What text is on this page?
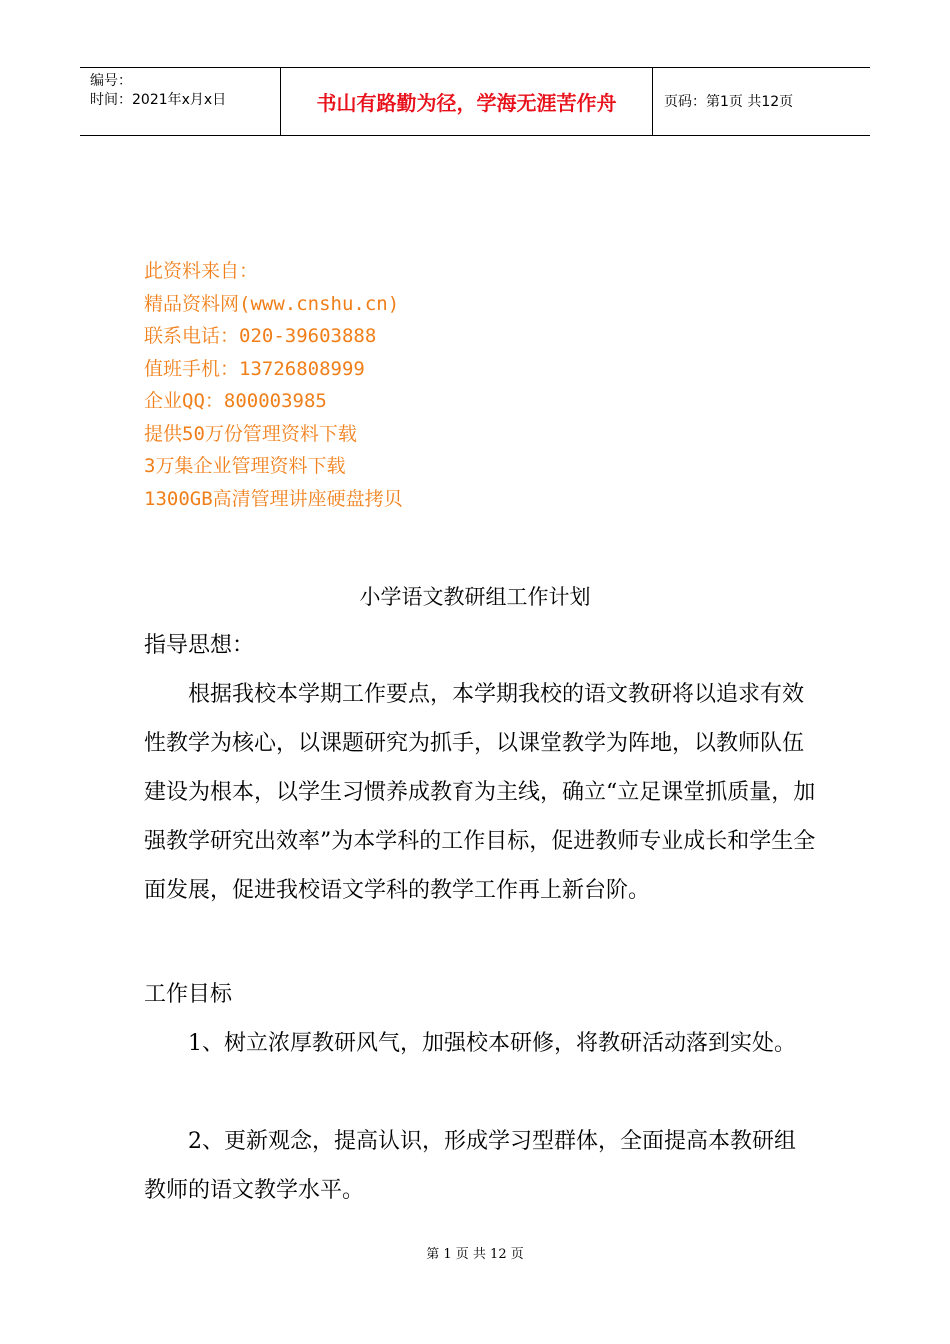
编号：
时间：2021年x月x日	书山有路勤为径，学海无涯苦作舟	页码：第1页 共12页
此资料来自：
精品资料网(www.cnshu.cn)
联系电话：020-39603888
值班手机：13726808999
企业QQ：800003985
提供50万份管理资料下载
3万集企业管理资料下载
1300GB高清管理讲座硬盘拷贝
小学语文教研组工作计划

指导思想：

根据我校本学期工作要点，本学期我校的语文教研将以追求有效性教学为核心，以课题研究为抓手，以课堂教学为阵地，以教师队伍建设为根本，以学生习惯养成教育为主线，确立“立足课堂抓质量，加强教学研究出效率”为本学科的工作目标，促进教师专业成长和学生全面发展，促进我校语文学科的教学工作再上新台阶。

工作目标

1、树立浓厚教研风气，加强校本研修，将教研活动落到实处。

2、更新观念，提高认识，形成学习型群体，全面提高本教研组教师的语文教学水平。

第 1 页 共 12 页
